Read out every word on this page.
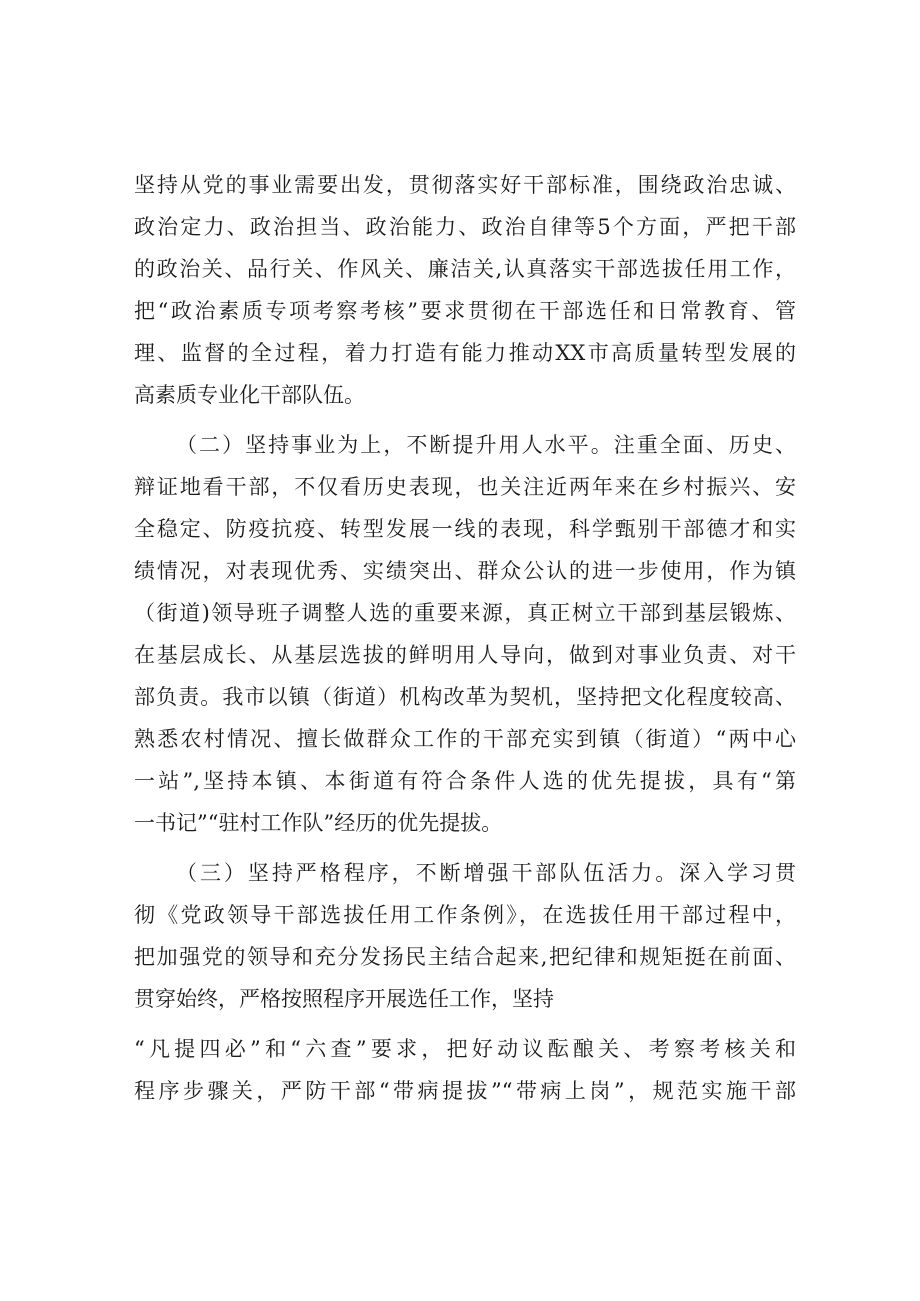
坚持从党的事业需要出发，贯彻落实好干部标准，围绕政治忠诚、
政治定力、政治担当、政治能力、政治自律等5个方面，严把干部
的政治关、品行关、作风关、廉洁关,认真落实干部选拔任用工作，
把“政治素质专项考察考核”要求贯彻在干部选任和日常教育、管
理、监督的全过程，着力打造有能力推动XX市高质量转型发展的
高素质专业化干部队伍。
（二）坚持事业为上，不断提升用人水平。注重全面、历史、
辩证地看干部，不仅看历史表现，也关注近两年来在乡村振兴、安
全稳定、防疫抗疫、转型发展一线的表现，科学甄别干部德才和实
绩情况，对表现优秀、实绩突出、群众公认的进一步使用，作为镇
（街道)领导班子调整人选的重要来源，真正树立干部到基层锻炼、
在基层成长、从基层选拔的鲜明用人导向，做到对事业负责、对干
部负责。我市以镇（街道）机构改革为契机，坚持把文化程度较高、
熟悉农村情况、擅长做群众工作的干部充实到镇（街道）“两中心
一站”,坚持本镇、本街道有符合条件人选的优先提拔，具有“第
一书记”“驻村工作队”经历的优先提拔。
（三）坚持严格程序，不断增强干部队伍活力。深入学习贯
彻《党政领导干部选拔任用工作条例》，在选拔任用干部过程中，
把加强党的领导和充分发扬民主结合起来,把纪律和规矩挺在前面、
贯穿始终，严格按照程序开展选任工作，坚持
“凡提四必”和“六查”要求，把好动议酝酿关、考察考核关和
程序步骤关，严防干部“带病提拔”“带病上岗”，规范实施干部
